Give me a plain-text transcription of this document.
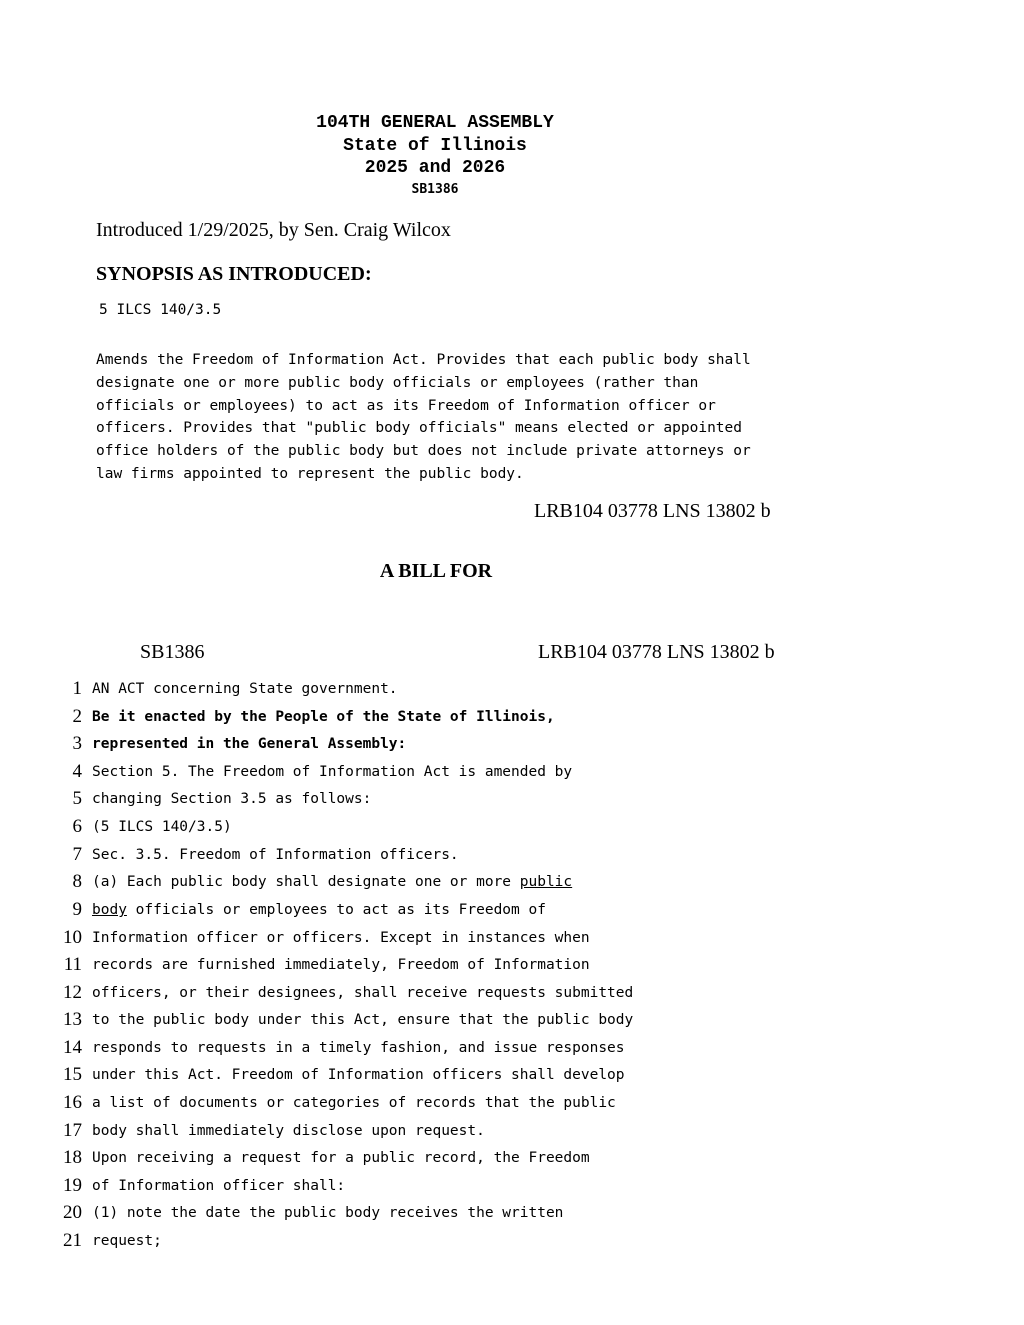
104TH GENERAL ASSEMBLY
State of Illinois
2025 and 2026
SB1386
Introduced 1/29/2025, by Sen. Craig Wilcox
SYNOPSIS AS INTRODUCED:
5 ILCS 140/3.5
Amends the Freedom of Information Act. Provides that each public body shall
designate one or more public body officials or employees (rather than
officials or employees) to act as its Freedom of Information officer or
officers. Provides that "public body officials" means elected or appointed
office holders of the public body but does not include private attorneys or
law firms appointed to represent the public body.
LRB104 03778 LNS 13802 b
A BILL FOR
SB1386	LRB104 03778 LNS 13802 b
1 AN ACT concerning State government.
2 Be it enacted by the People of the State of Illinois,
3 represented in the General Assembly:
4 Section 5. The Freedom of Information Act is amended by
5 changing Section 3.5 as follows:
6 (5 ILCS 140/3.5)
7 Sec. 3.5. Freedom of Information officers.
8 (a) Each public body shall designate one or more public
9 body officials or employees to act as its Freedom of
10 Information officer or officers. Except in instances when
11 records are furnished immediately, Freedom of Information
12 officers, or their designees, shall receive requests submitted
13 to the public body under this Act, ensure that the public body
14 responds to requests in a timely fashion, and issue responses
15 under this Act. Freedom of Information officers shall develop
16 a list of documents or categories of records that the public
17 body shall immediately disclose upon request.
18 Upon receiving a request for a public record, the Freedom
19 of Information officer shall:
20 (1) note the date the public body receives the written
21 request;
